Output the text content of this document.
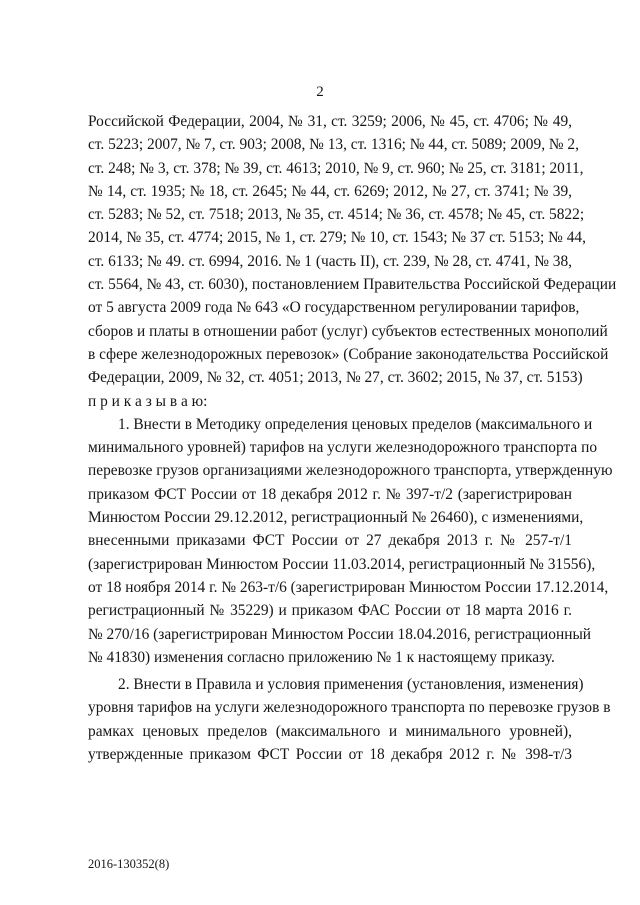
2
Российской Федерации, 2004, № 31, ст. 3259; 2006, № 45, ст. 4706; № 49,
ст. 5223; 2007, № 7, ст. 903; 2008, № 13, ст. 1316; № 44, ст. 5089; 2009, № 2,
ст. 248; № 3, ст. 378; № 39, ст. 4613; 2010, № 9, ст. 960; № 25, ст. 3181; 2011,
№ 14, ст. 1935; № 18, ст. 2645; № 44, ст. 6269; 2012, № 27, ст. 3741; № 39,
ст. 5283; № 52, ст. 7518; 2013, № 35, ст. 4514; № 36, ст. 4578; № 45, ст. 5822;
2014, № 35, ст. 4774; 2015, № 1, ст. 279; № 10, ст. 1543; № 37 ст. 5153; № 44,
ст. 6133; № 49. ст. 6994, 2016. № 1 (часть II), ст. 239, № 28, ст. 4741, № 38,
ст. 5564, № 43, ст. 6030), постановлением Правительства Российской Федерации
от 5 августа 2009 года № 643 «О государственном регулировании тарифов,
сборов и платы в отношении работ (услуг) субъектов естественных монополий
в сфере железнодорожных перевозок» (Собрание законодательства Российской
Федерации, 2009, № 32, ст. 4051; 2013, № 27, ст. 3602; 2015, № 37, ст. 5153)
п р и к а з ы в а ю:
1. Внести в Методику определения ценовых пределов (максимального и
минимального уровней) тарифов на услуги железнодорожного транспорта по
перевозке грузов организациями железнодорожного транспорта, утвержденную
приказом ФСТ России от 18 декабря 2012 г. № 397-т/2 (зарегистрирован
Минюстом России 29.12.2012, регистрационный № 26460), с изменениями,
внесенными приказами ФСТ России от 27 декабря 2013 г. № 257-т/1
(зарегистрирован Минюстом России 11.03.2014, регистрационный № 31556),
от 18 ноября 2014 г. № 263-т/6 (зарегистрирован Минюстом России 17.12.2014,
регистрационный № 35229) и приказом ФАС России от 18 марта 2016 г.
№ 270/16 (зарегистрирован Минюстом России 18.04.2016, регистрационный
№ 41830) изменения согласно приложению № 1 к настоящему приказу.
2. Внести в Правила и условия применения (установления, изменения)
уровня тарифов на услуги железнодорожного транспорта по перевозке грузов в
рамках ценовых пределов (максимального и минимального уровней),
утвержденные приказом ФСТ России от 18 декабря 2012 г. № 398-т/3
2016-130352(8)
